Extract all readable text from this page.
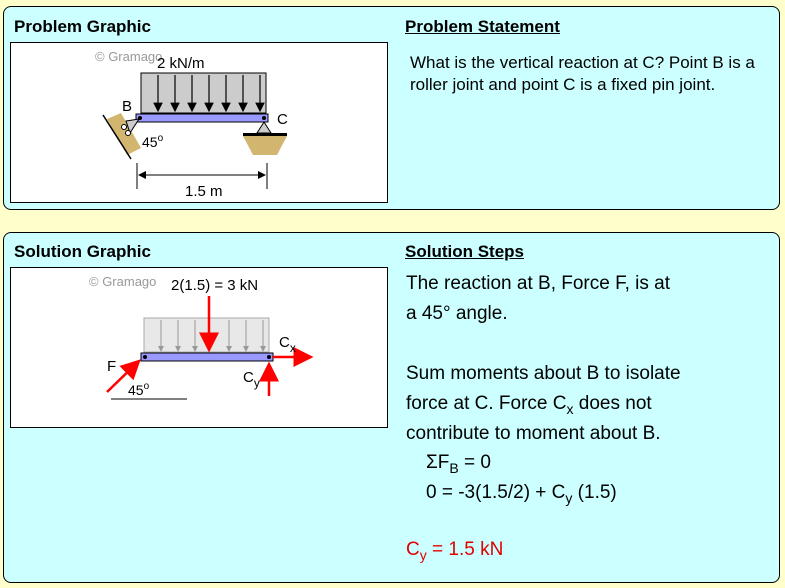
Problem Graphic	Problem Statement
© Gramago
2 kN/m
B
45$^o$
C
1.5 m
What is the vertical reaction at C? Point B is a roller joint and point C is a fixed pin joint.
Solution Graphic	Solution Steps
© Gramago 2(1.5) = 3 kN
F
45$^o$
$C_x$
$C_y$
The reaction at B, Force F, is at
a 45° angle.
Sum moments about B to isolate
force at C. Force $C_x$ does not
contribute to moment about B.
$\Sigma F_B = 0$
$0 = -3(1.5/2) + C_y$ (1.5)
$C_y = 1.5$ kN
